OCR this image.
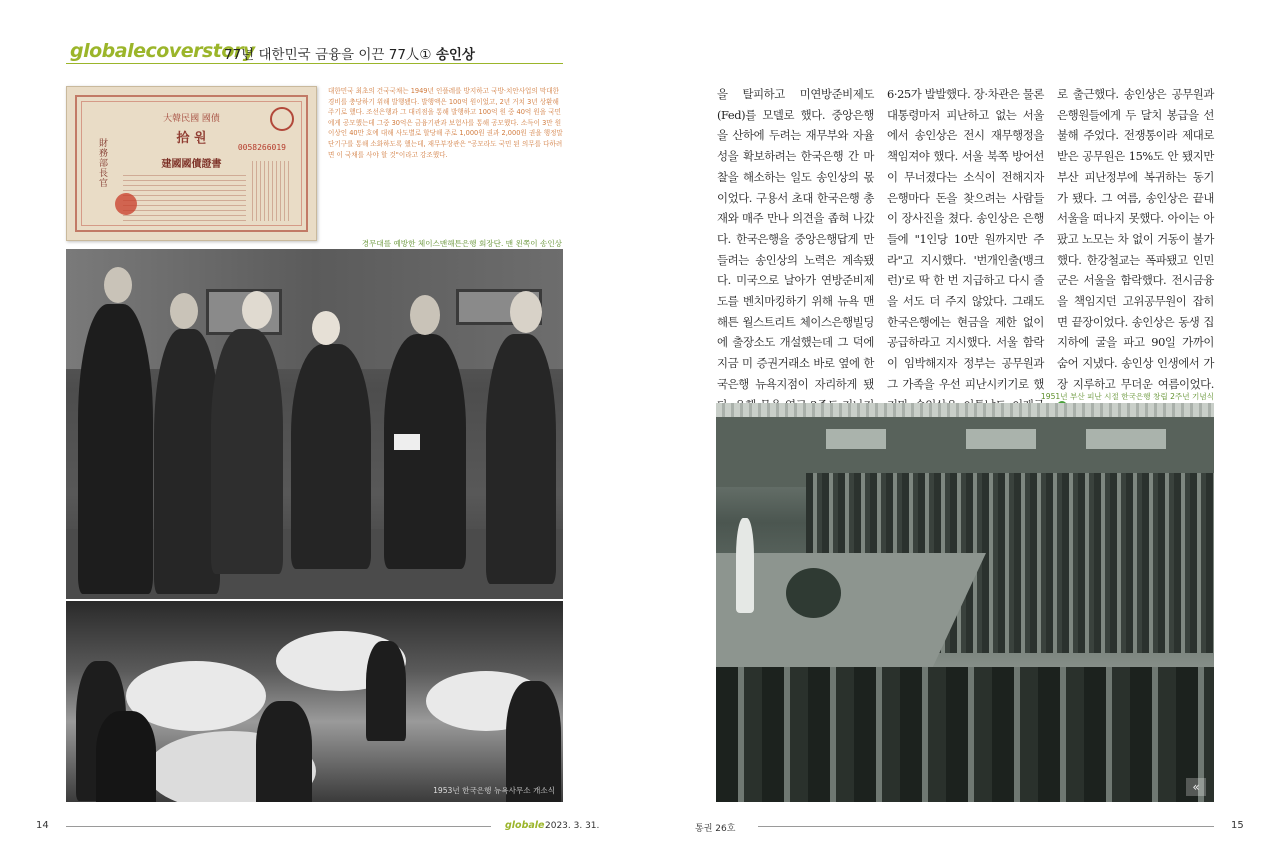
globalecoverstory
77년 대한민국 금융을 이끈 77人① 송인상
大韓民國 國債
拾 원
0058266019
建國國債證書
財務部長官
대한민국 최초의 건국국채는 1949년 인플레를 방지하고 국방·치안사업의 막대한 경비를 충당하기 위해 발행됐다. 발행액은 100억 원이었고, 2년 거치 3년 상환해주기로 했다. 조선은행과 그 대리점을 통해 발행하고 100억 원 중 40억 원을 국민에게 공모했는데 그중 30억은 금융기관과 보험사를 통해 공모했다. 소득이 3만 원 이상인 40만 호에 대해 사도별로 할당해 주로 1,000원 권과 2,000원 권을 행정말단기구를 통해 소화하도록 했는데, 재무부장관은 "공모라도 국민 된 의무를 다하려면 이 국채를 사야 할 것"이라고 강조했다.
경무대를 예방한 체이스맨해튼은행 회장단. 맨 왼쪽이 송인상
1953년 한국은행 뉴욕사무소 개소식
을 탈피하고 미연방준비제도(Fed)를 모델로 했다. 중앙은행을 산하에 두려는 재무부와 자율성을 확보하려는 한국은행 간 마찰을 해소하는 일도 송인상의 몫이었다. 구용서 초대 한국은행 총재와 매주 만나 의견을 좁혀 나갔다. 한국은행을 중앙은행답게 만들려는 송인상의 노력은 계속됐다. 미국으로 날아가 연방준비제도를 벤치마킹하기 위해 뉴욕 맨해튼 월스트리트 체이스은행빌딩에 출장소도 개설했는데 그 덕에 지금 미 증권거래소 바로 옆에 한국은행 뉴욕지점이 자리하게 됐
6·25가 발발했다. 장·차관은 물론 대통령마저 피난하고 없는 서울에서 송인상은 전시 재무행정을 책임져야 했다. 서울 북쪽 방어선이 무너졌다는 소식이 전해지자 은행마다 돈을 찾으려는 사람들이 장사진을 쳤다. 송인상은 은행들에 "1인당 10만 원까지만 주라"고 지시했다. '번개인출(뱅크런)'로 딱 한 번 지급하고 다시 줄을 서도 더 주지 않았다. 그래도 한국은행에는 현금을 제한 없이 공급하라고 지시했다. 서울 함락이 임박해지자 정부는 공무원과 그 가족을 우선 피난시키기로 했
로 출근했다. 송인상은 공무원과 은행원들에게 두 달치 봉급을 선불해 주었다. 전쟁통이라 제대로 받은 공무원은 15%도 안 됐지만 부산 피난정부에 복귀하는 동기가 됐다. 그 여름, 송인상은 끝내 서울을 떠나지 못했다. 아이는 아팠고 노모는 차 없이 거동이 불가했다. 한강철교는 폭파됐고 인민군은 서울을 함락했다. 전시금융을 책임지던 고위공무원이 잡히면 끝장이었다. 송인상은 동생 집 지하에 굴을 파고 90일 가까이 숨어 지냈다. 송인상 인생에서 가장 지루하고 무더운 여름이었다.
1951년 부산 피난 시절 한국은행 창립 2주년 기념식
«
14	globale 2023. 3. 31.	통권 26호	15
